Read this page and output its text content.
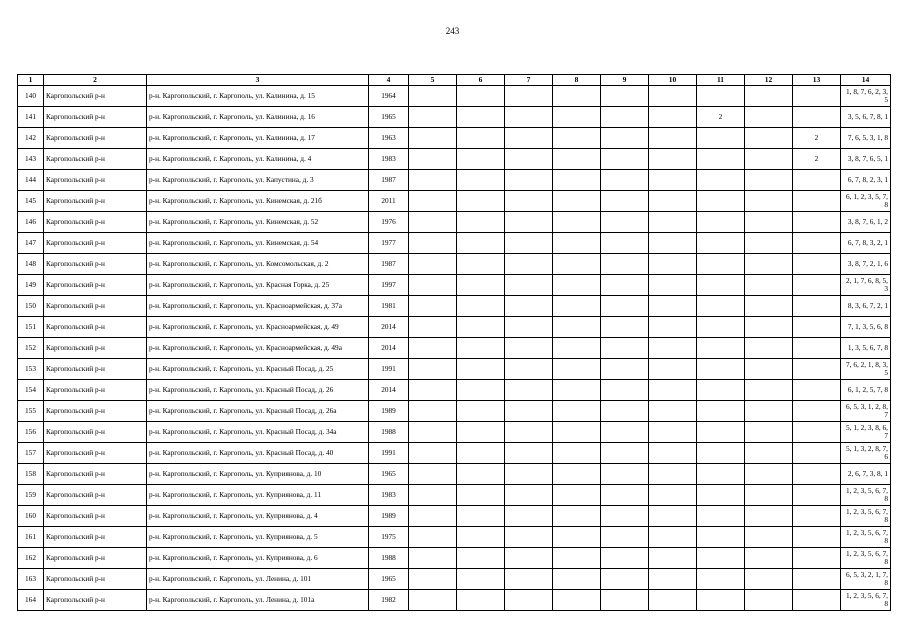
243
1	2	3	4	5	6	7	8	9	10	11	12	13	14
140	Каргопольский р-н	р-н. Каргопольский, г. Каргополь, ул. Калинина, д. 15	1964										1, 8, 7, 6, 2, 3, 5
141	Каргопольский р-н	р-н. Каргопольский, г. Каргополь, ул. Калинина, д. 16	1965							2			3, 5, 6, 7, 8, 1
142	Каргопольский р-н	р-н. Каргопольский, г. Каргополь, ул. Калинина, д. 17	1963									2	7, 6, 5, 3, 1, 8
143	Каргопольский р-н	р-н. Каргопольский, г. Каргополь, ул. Калинина, д. 4	1983									2	3, 8, 7, 6, 5, 1
144	Каргопольский р-н	р-н. Каргопольский, г. Каргополь, ул. Капустина, д. 3	1987										6, 7, 8, 2, 3, 1
145	Каргопольский р-н	р-н. Каргопольский, г. Каргополь, ул. Кинемская, д. 21б	2011										6, 1, 2, 3, 5, 7, 8
146	Каргопольский р-н	р-н. Каргопольский, г. Каргополь, ул. Кинемская, д. 52	1976										3, 8, 7, 6, 1, 2
147	Каргопольский р-н	р-н. Каргопольский, г. Каргополь, ул. Кинемская, д. 54	1977										6, 7, 8, 3, 2, 1
148	Каргопольский р-н	р-н. Каргопольский, г. Каргополь, ул. Комсомольская, д. 2	1987										3, 8, 7, 2, 1, 6
149	Каргопольский р-н	р-н. Каргопольский, г. Каргополь, ул. Красная Горка, д. 25	1997										2, 1, 7, 6, 8, 5, 3
150	Каргопольский р-н	р-н. Каргопольский, г. Каргополь, ул. Красноармейская, д. 37а	1981										8, 3, 6, 7, 2, 1
151	Каргопольский р-н	р-н. Каргопольский, г. Каргополь, ул. Красноармейская, д. 49	2014										7, 1, 3, 5, 6, 8
152	Каргопольский р-н	р-н. Каргопольский, г. Каргополь, ул. Красноармейская, д. 49а	2014										1, 3, 5, 6, 7, 8
153	Каргопольский р-н	р-н. Каргопольский, г. Каргополь, ул. Красный Посад, д. 25	1991										7, 6, 2, 1, 8, 3, 5
154	Каргопольский р-н	р-н. Каргопольский, г. Каргополь, ул. Красный Посад, д. 26	2014										6, 1, 2, 5, 7, 8
155	Каргопольский р-н	р-н. Каргопольский, г. Каргополь, ул. Красный Посад, д. 26а	1989										6, 5, 3, 1, 2, 8, 7
156	Каргопольский р-н	р-н. Каргопольский, г. Каргополь, ул. Красный Посад, д. 34а	1988										5, 1, 2, 3, 8, 6, 7
157	Каргопольский р-н	р-н. Каргопольский, г. Каргополь, ул. Красный Посад, д. 40	1991										5, 1, 3, 2, 8, 7, 6
158	Каргопольский р-н	р-н. Каргопольский, г. Каргополь, ул. Куприянова, д. 10	1965										2, 6, 7, 3, 8, 1
159	Каргопольский р-н	р-н. Каргопольский, г. Каргополь, ул. Куприянова, д. 11	1983										1, 2, 3, 5, 6, 7, 8
160	Каргопольский р-н	р-н. Каргопольский, г. Каргополь, ул. Куприянова, д. 4	1989										1, 2, 3, 5, 6, 7, 8
161	Каргопольский р-н	р-н. Каргопольский, г. Каргополь, ул. Куприянова, д. 5	1975										1, 2, 3, 5, 6, 7, 8
162	Каргопольский р-н	р-н. Каргопольский, г. Каргополь, ул. Куприянова, д. 6	1988										1, 2, 3, 5, 6, 7, 8
163	Каргопольский р-н	р-н. Каргопольский, г. Каргополь, ул. Ленина, д. 101	1965										6, 5, 3, 2, 1, 7, 8
164	Каргопольский р-н	р-н. Каргопольский, г. Каргополь, ул. Ленина, д. 101а	1982										1, 2, 3, 5, 6, 7, 8
